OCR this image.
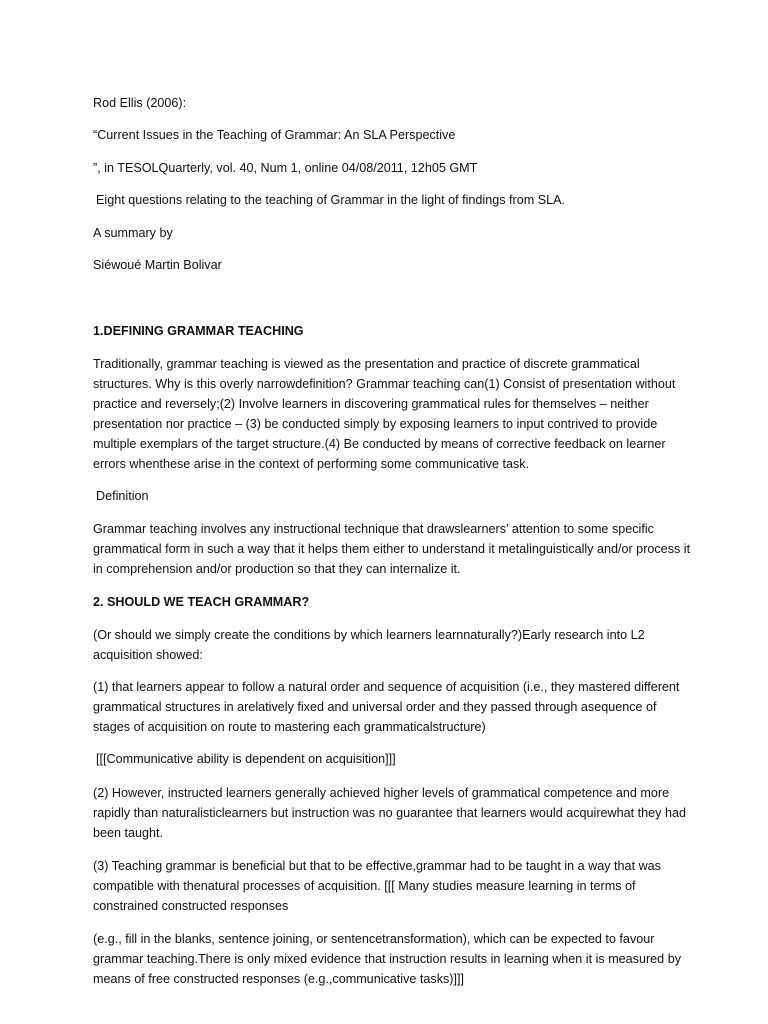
Rod Ellis (2006):

“Current Issues in the Teaching of Grammar: An SLA Perspective

”, in TESOLQuarterly, vol. 40, Num 1, online 04/08/2011, 12h05 GMT

Eight questions relating to the teaching of Grammar in the light of findings from SLA.

A summary by

Siéwoué Martin Bolivar

1.DEFINING GRAMMAR TEACHING

Traditionally, grammar teaching is viewed as the presentation and practice of discrete grammatical structures. Why is this overly narrowdefinition? Grammar teaching can(1) Consist of presentation without practice and reversely;(2) Involve learners in discovering grammatical rules for themselves – neither presentation nor practice – (3) be conducted simply by exposing learners to input contrived to provide multiple exemplars of the target structure.(4) Be conducted by means of corrective feedback on learner errors whenthese arise in the context of performing some communicative task.

Definition

Grammar teaching involves any instructional technique that drawslearners’ attention to some specific grammatical form in such a way that it helps them either to understand it metalinguistically and/or process it in comprehension and/or production so that they can internalize it.

2. SHOULD WE TEACH GRAMMAR?

(Or should we simply create the conditions by which learners learnnaturally?)Early research into L2 acquisition showed:

(1) that learners appear to follow a natural order and sequence of acquisition (i.e., they mastered different grammatical structures in arelatively fixed and universal order and they passed through asequence of stages of acquisition on route to mastering each grammaticalstructure)

[[[Communicative ability is dependent on acquisition]]]

(2) However, instructed learners generally achieved higher levels of grammatical competence and more rapidly than naturalisticlearners but instruction was no guarantee that learners would acquirewhat they had been taught.

(3) Teaching grammar is beneficial but that to be effective,grammar had to be taught in a way that was compatible with thenatural processes of acquisition. [[[ Many studies measure learning in terms of constrained constructed responses

(e.g., fill in the blanks, sentence joining, or sentencetransformation), which can be expected to favour grammar teaching.There is only mixed evidence that instruction results in learning when it is measured by means of free constructed responses (e.g.,communicative tasks)]]]
